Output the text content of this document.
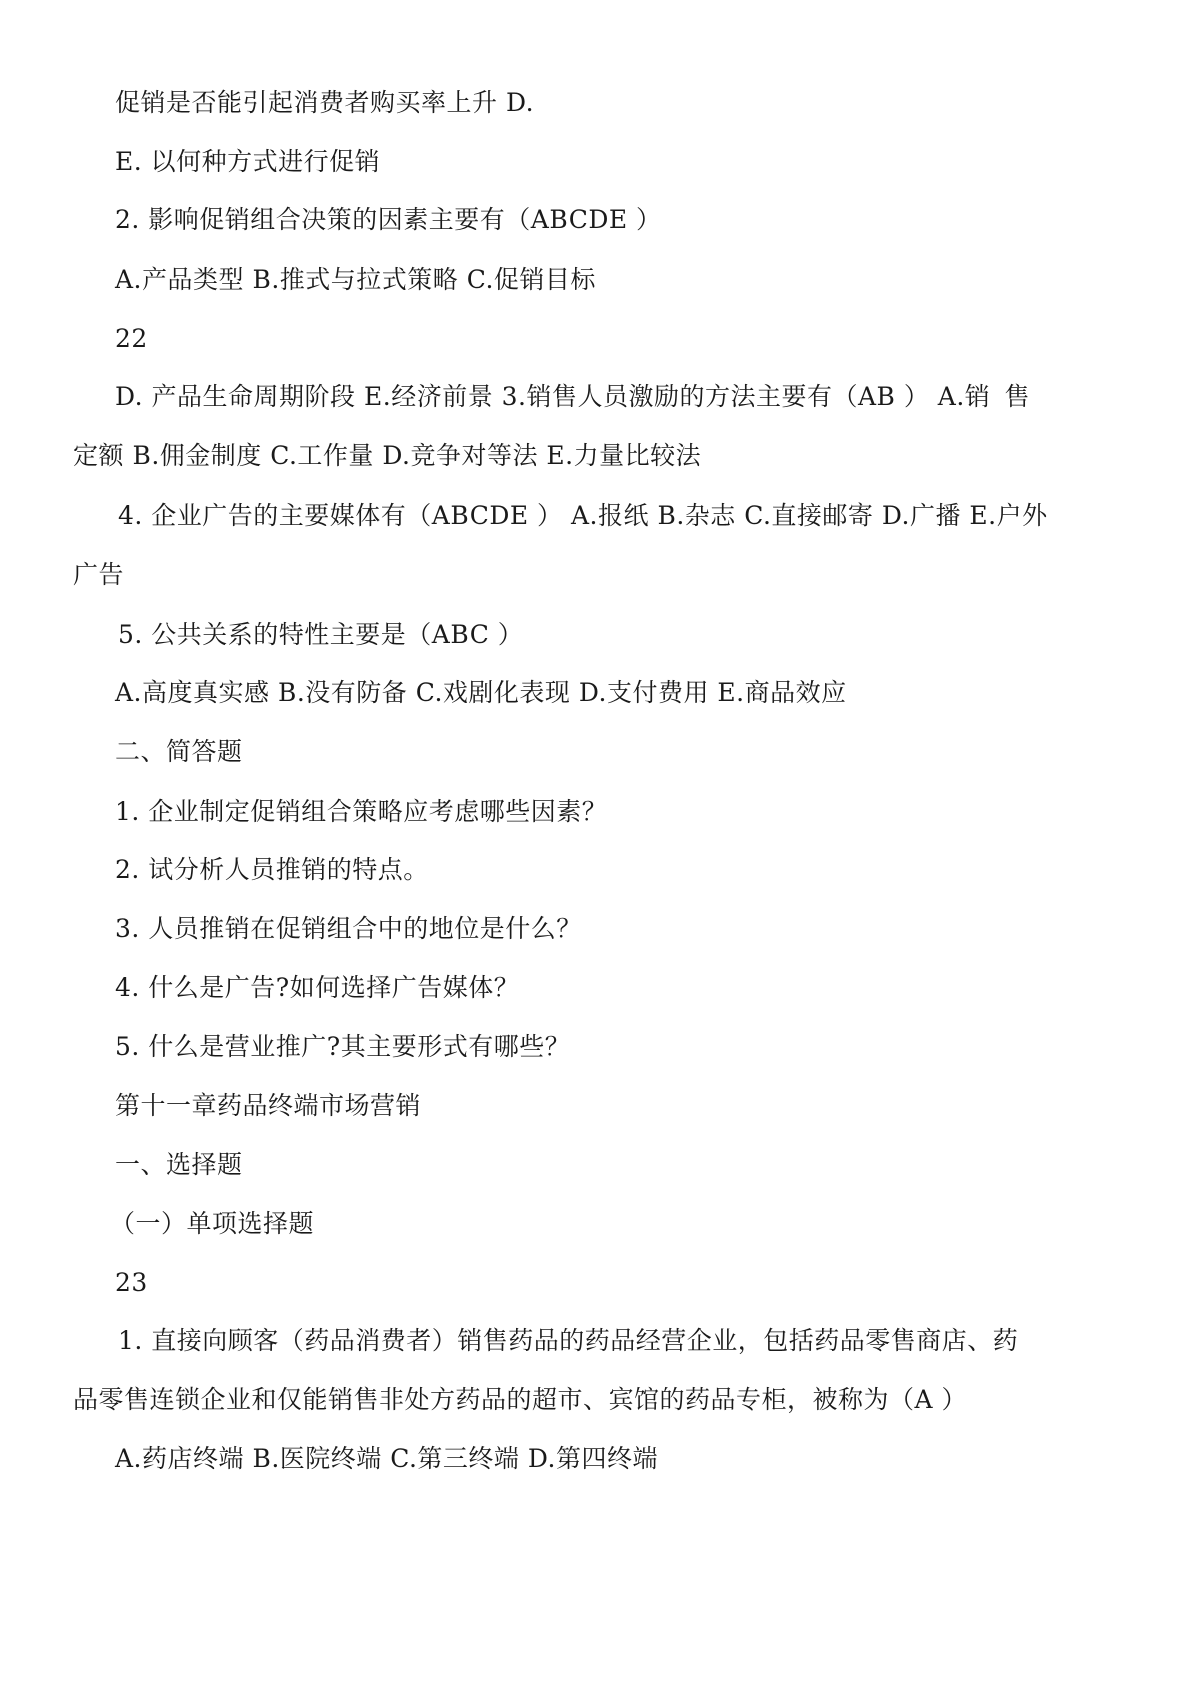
促销是否能引起消费者购买率上升 D.
E. 以何种方式进行促销
2. 影响促销组合决策的因素主要有（ABCDE ）
A.产品类型 B.推式与拉式策略 C.促销目标
22
D. 产品生命周期阶段 E.经济前景 3.销售人员激励的方法主要有（AB ） A.销 售
定额 B.佣金制度 C.工作量 D.竞争对等法 E.力量比较法
4. 企业广告的主要媒体有（ABCDE ） A.报纸 B.杂志 C.直接邮寄 D.广播 E.户 外
广告
5. 公共关系的特性主要是（ABC ）
A.高度真实感 B.没有防备 C.戏剧化表现 D.支付费用 E.商品效应
二、简答题
1. 企业制定促销组合策略应考虑哪些因素？
2. 试分析人员推销的特点。
3. 人员推销在促销组合中的地位是什么？
4. 什么是广告?如何选择广告媒体？
5. 什么是营业推广?其主要形式有哪些？
第十一章药品终端市场营销
一、选择题
（一）单项选择题
23
1. 直接向顾客（药品消费者）销售药品的药品经营企业，包括药品零售商店、药
品零售连锁企业和仅能销售非处方药品的超市、宾馆的药品专柜，被称为（A ）
A.药店终端 B.医院终端 C.第三终端 D.第四终端
